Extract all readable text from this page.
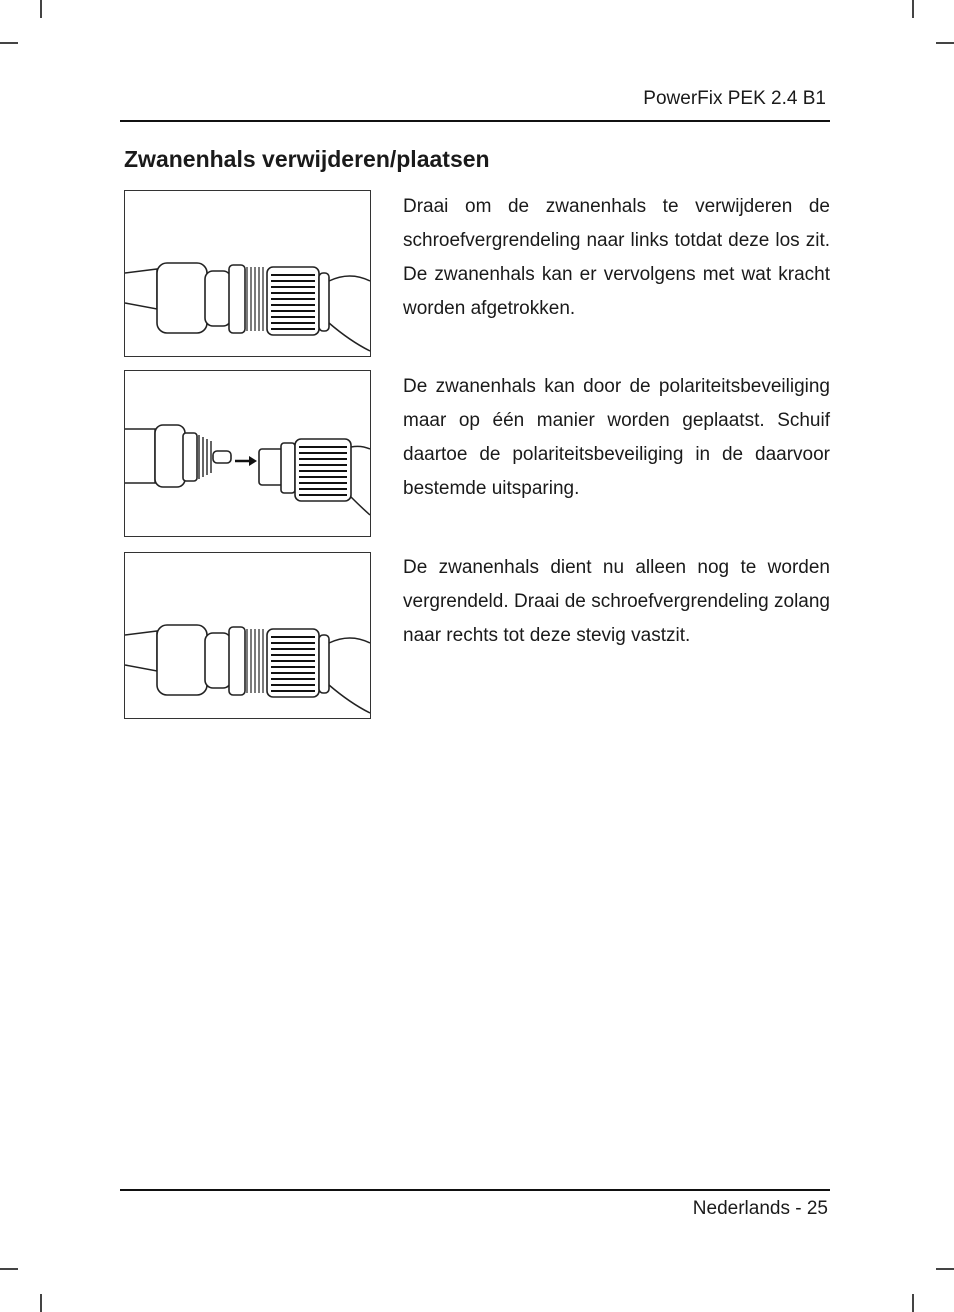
PowerFix PEK 2.4 B1
Zwanenhals verwijderen/plaatsen

Draai om de zwanenhals te verwijderen de schroefvergrendeling naar links totdat deze los zit. De zwanenhals kan er vervolgens met wat kracht worden afgetrokken.

De zwanenhals kan door de polariteitsbeveiliging maar op één manier worden geplaatst. Schuif daartoe de polariteitsbeveiliging in de daarvoor bestemde uitsparing.

De zwanenhals dient nu alleen nog te worden vergrendeld. Draai de schroefvergrendeling zolang naar rechts tot deze stevig vastzit.

Nederlands - 25
